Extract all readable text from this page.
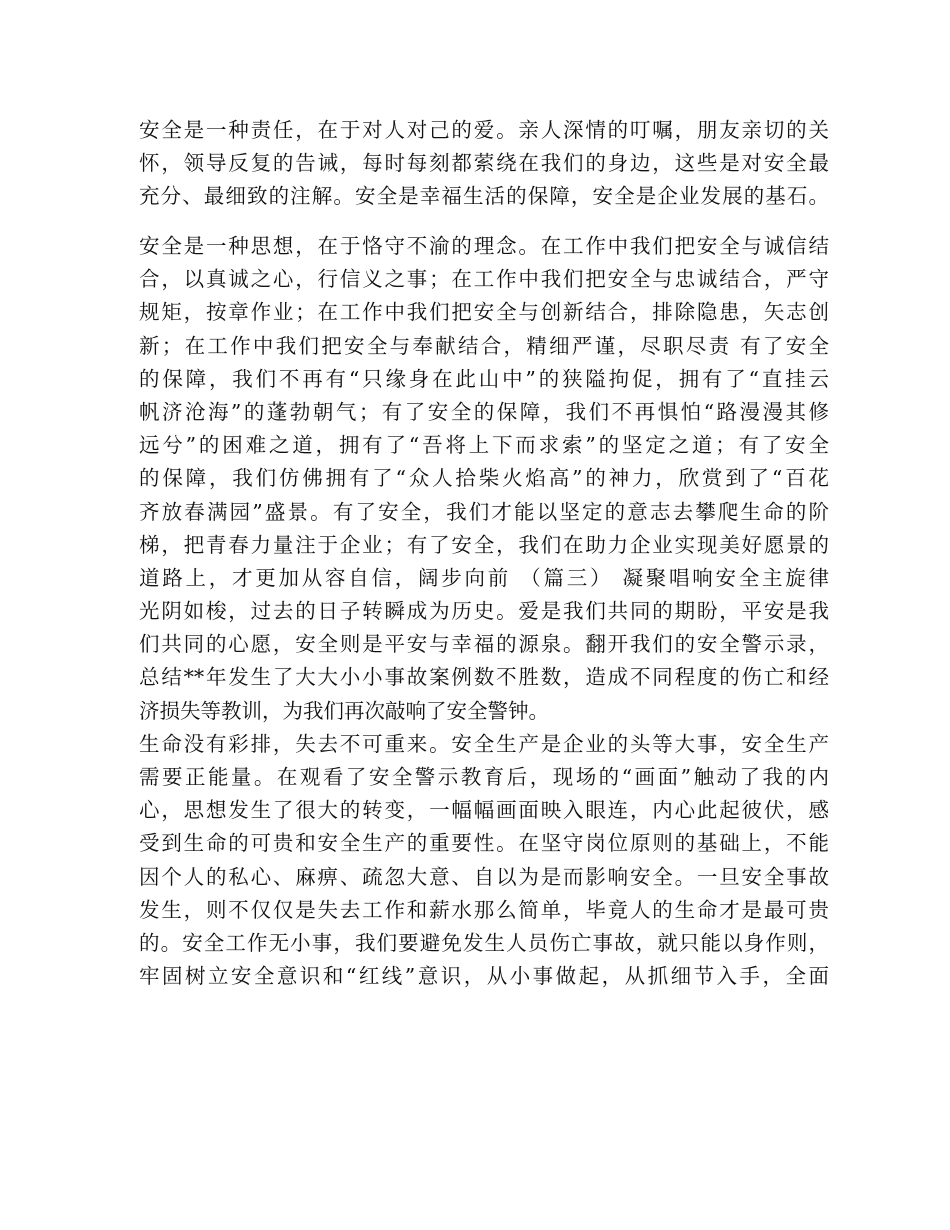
安全是一种责任，在于对人对己的爱。亲人深情的叮嘱，朋友亲切的关
怀，领导反复的告诫，每时每刻都萦绕在我们的身边，这些是对安全最
充分、最细致的注解。安全是幸福生活的保障，安全是企业发展的基石。
安全是一种思想，在于恪守不渝的理念。在工作中我们把安全与诚信结
合，以真诚之心，行信义之事；在工作中我们把安全与忠诚结合，严守
规矩，按章作业；在工作中我们把安全与创新结合，排除隐患，矢志创
新；在工作中我们把安全与奉献结合，精细严谨，尽职尽责 有了安全
的保障，我们不再有“只缘身在此山中”的狭隘拘促，拥有了“直挂云
帆济沧海”的蓬勃朝气；有了安全的保障，我们不再惧怕“路漫漫其修
远兮”的困难之道，拥有了“吾将上下而求索”的坚定之道；有了安全
的保障，我们仿佛拥有了“众人拾柴火焰高”的神力，欣赏到了“百花
齐放春满园”盛景。有了安全，我们才能以坚定的意志去攀爬生命的阶
梯，把青春力量注于企业；有了安全，我们在助力企业实现美好愿景的
道路上，才更加从容自信，阔步向前 （篇三） 凝聚唱响安全主旋律
光阴如梭，过去的日子转瞬成为历史。爱是我们共同的期盼，平安是我
们共同的心愿，安全则是平安与幸福的源泉。翻开我们的安全警示录，
总结**年发生了大大小小事故案例数不胜数，造成不同程度的伤亡和经
济损失等教训，为我们再次敲响了安全警钟。
生命没有彩排，失去不可重来。安全生产是企业的头等大事，安全生产
需要正能量。在观看了安全警示教育后，现场的“画面”触动了我的内
心，思想发生了很大的转变，一幅幅画面映入眼连，内心此起彼伏，感
受到生命的可贵和安全生产的重要性。在坚守岗位原则的基础上，不能
因个人的私心、麻痹、疏忽大意、自以为是而影响安全。一旦安全事故
发生，则不仅仅是失去工作和薪水那么简单，毕竟人的生命才是最可贵
的。安全工作无小事，我们要避免发生人员伤亡事故，就只能以身作则，
牢固树立安全意识和“红线”意识，从小事做起，从抓细节入手，全面
